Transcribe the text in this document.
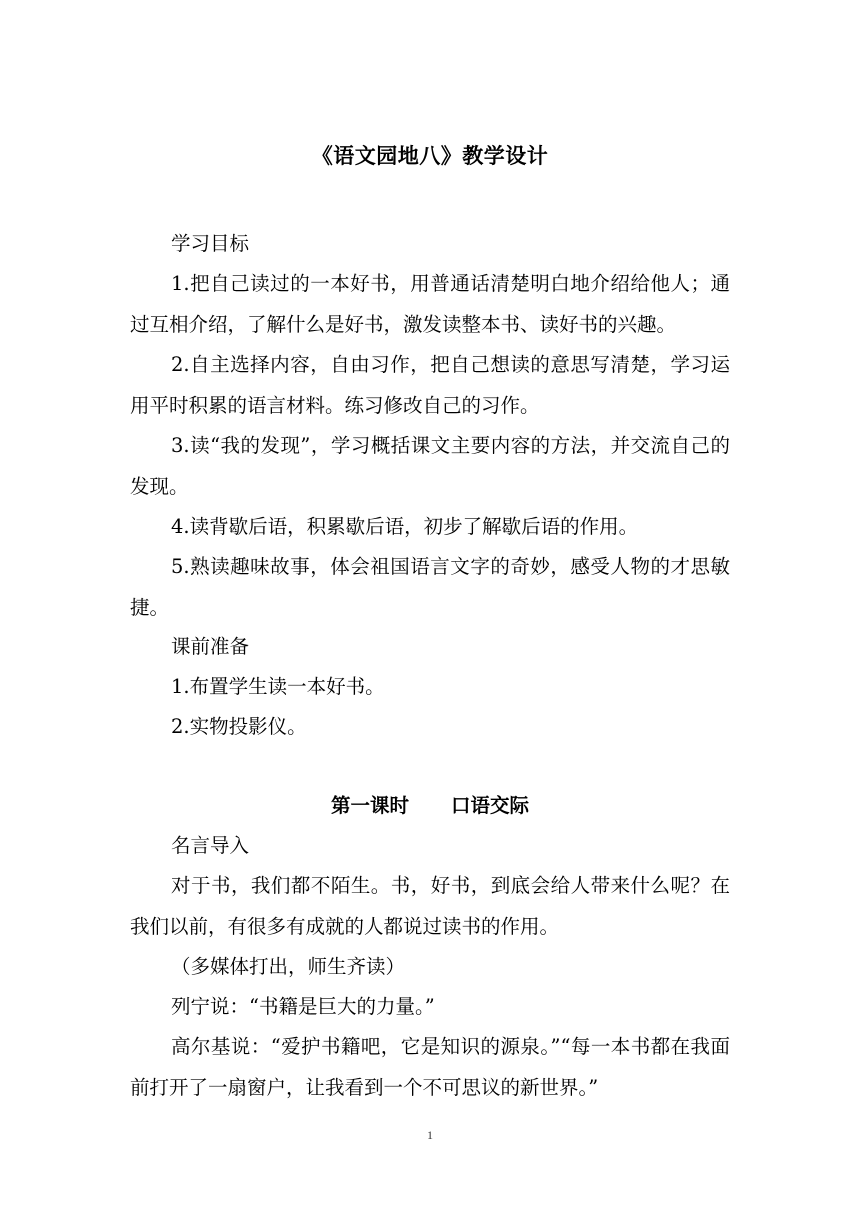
《语文园地八》教学设计

学习目标

1.把自己读过的一本好书，用普通话清楚明白地介绍给他人；通过互相介绍，了解什么是好书，激发读整本书、读好书的兴趣。

2.自主选择内容，自由习作，把自己想读的意思写清楚，学习运用平时积累的语言材料。练习修改自己的习作。

3.读“我的发现”，学习概括课文主要内容的方法，并交流自己的发现。

4.读背歇后语，积累歇后语，初步了解歇后语的作用。

5.熟读趣味故事，体会祖国语言文字的奇妙，感受人物的才思敏捷。

课前准备

1.布置学生读一本好书。

2.实物投影仪。

第一课时 口语交际

名言导入

对于书，我们都不陌生。书，好书，到底会给人带来什么呢？在我们以前，有很多有成就的人都说过读书的作用。

（多媒体打出，师生齐读）

列宁说：“书籍是巨大的力量。”

高尔基说：“爱护书籍吧，它是知识的源泉。”“每一本书都在我面前打开了一扇窗户，让我看到一个不可思议的新世界。”

1
